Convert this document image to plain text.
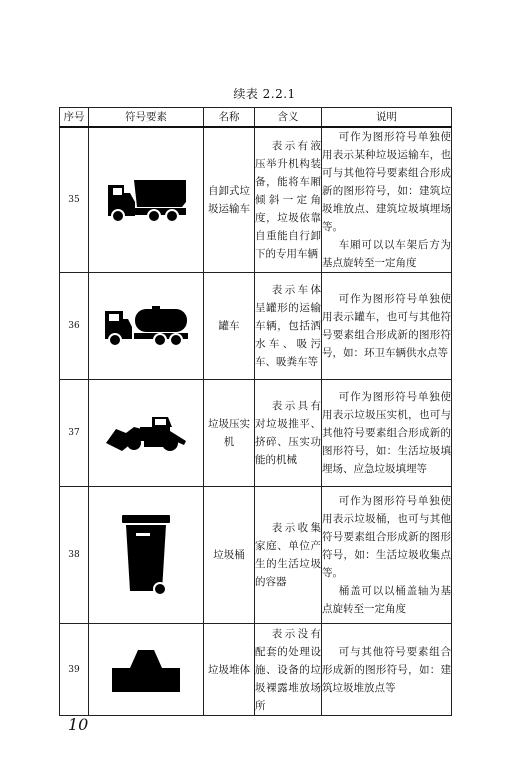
续表 2.2.1
序号	符号要素	名称	含义	说明
35		自卸式垃圾运输车	表示有液压举升机构装备，能将车厢倾斜一定角度，垃圾依靠自重能自行卸下的专用车辆	可作为图形符号单独使用表示某种垃圾运输车，也可与其他符号要素组合形成新的图形符号，如：建筑垃圾堆放点、建筑垃圾填埋场等。
车厢可以以车架后方为基点旋转至一定角度

36		罐车	表示车体呈罐形的运输车辆，包括洒水车、吸污车、吸粪车等	可作为图形符号单独使用表示罐车，也可与其他符号要素组合形成新的图形符号，如：环卫车辆供水点等

37		垃圾压实机	表示具有对垃圾推平、挤碎、压实功能的机械	可作为图形符号单独使用表示垃圾压实机，也可与其他符号要素组合形成新的图形符号，如：生活垃圾填埋场、应急垃圾填埋等

38		垃圾桶	表示收集家庭、单位产生的生活垃圾的容器	可作为图形符号单独使用表示垃圾桶，也可与其他符号要素组合形成新的图形符号，如：生活垃圾收集点等。
桶盖可以以桶盖轴为基点旋转至一定角度

39		垃圾堆体	表示没有配套的处理设施、设备的垃圾裸露堆放场所	可与其他符号要素组合形成新的图形符号，如：建筑垃圾堆放点等
10
